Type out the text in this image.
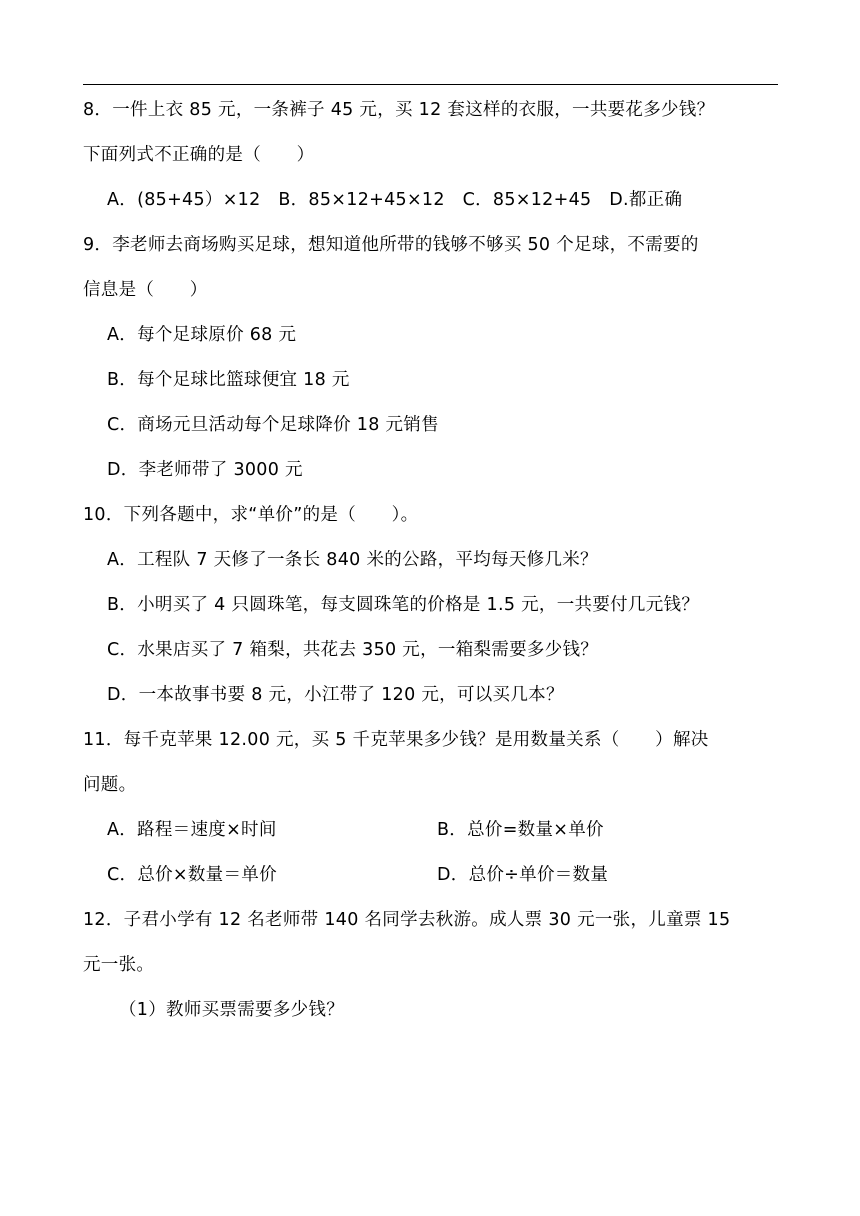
8．一件上衣 85 元，一条裤子 45 元，买 12 套这样的衣服，一共要花多少钱？
下面列式不正确的是（　　）
A．(85+45）×12　B．85×12+45×12　C．85×12+45　D.都正确
9．李老师去商场购买足球，想知道他所带的钱够不够买 50 个足球，不需要的
信息是（　　）
A．每个足球原价 68 元
B．每个足球比篮球便宜 18 元
C．商场元旦活动每个足球降价 18 元销售
D．李老师带了 3000 元
10．下列各题中，求“单价”的是（　　）。
A．工程队 7 天修了一条长 840 米的公路，平均每天修几米？
B．小明买了 4 只圆珠笔，每支圆珠笔的价格是 1.5 元，一共要付几元钱？
C．水果店买了 7 箱梨，共花去 350 元，一箱梨需要多少钱？
D．一本故事书要 8 元，小江带了 120 元，可以买几本？
11．每千克苹果 12.00 元，买 5 千克苹果多少钱？是用数量关系（　　）解决
问题。
A．路程＝速度×时间	B．总价=数量×单价
C．总价×数量＝单价	D．总价÷单价＝数量
12．子君小学有 12 名老师带 140 名同学去秋游。成人票 30 元一张，儿童票 15
元一张。
（1）教师买票需要多少钱？
